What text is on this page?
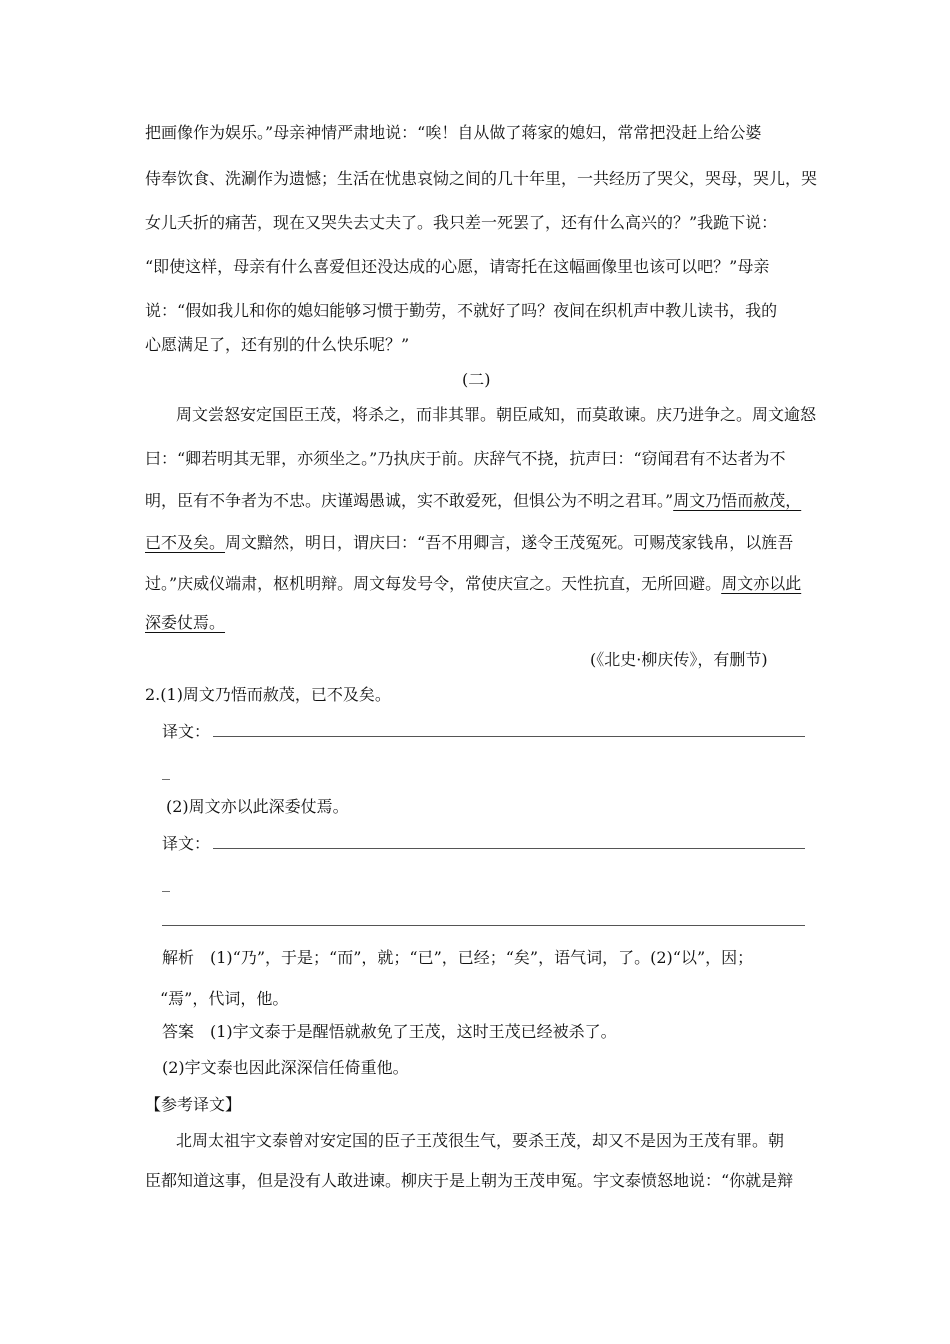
把画像作为娱乐。”母亲神情严肃地说：“唉！自从做了蒋家的媳妇，常常把没赶上给公婆
侍奉饮食、洗涮作为遗憾；生活在忧患哀恸之间的几十年里，一共经历了哭父，哭母，哭儿，哭
女儿夭折的痛苦，现在又哭失去丈夫了。我只差一死罢了，还有什么高兴的？”我跪下说：
“即使这样，母亲有什么喜爱但还没达成的心愿，请寄托在这幅画像里也该可以吧？”母亲
说：“假如我儿和你的媳妇能够习惯于勤劳，不就好了吗？夜间在织机声中教儿读书，我的
心愿满足了，还有别的什么快乐呢？”
(二)
周文尝怒安定国臣王茂，将杀之，而非其罪。朝臣咸知，而莫敢谏。庆乃进争之。周文逾怒
曰：“卿若明其无罪，亦须坐之。”乃执庆于前。庆辞气不挠，抗声曰：“窃闻君有不达者为不
明，臣有不争者为不忠。庆谨竭愚诚，实不敢爱死，但惧公为不明之君耳。”周文乃悟而赦茂，
已不及矣。周文黯然，明日，谓庆曰：“吾不用卿言，遂令王茂冤死。可赐茂家钱帛，以旌吾
过。”庆威仪端肃，枢机明辩。周文每发号令，常使庆宣之。天性抗直，无所回避。周文亦以此
深委仗焉。
(《北史·柳庆传》，有删节)
2.(1)周文乃悟而赦茂，已不及矣。
译文：
_
(2)周文亦以此深委仗焉。
译文：
_
解析　(1)“乃”，于是；“而”，就；“已”，已经；“矣”，语气词，了。(2)“以”，因；
“焉”，代词，他。
答案　(1)宇文泰于是醒悟就赦免了王茂，这时王茂已经被杀了。
(2)宇文泰也因此深深信任倚重他。
【参考译文】
北周太祖宇文泰曾对安定国的臣子王茂很生气，要杀王茂，却又不是因为王茂有罪。朝
臣都知道这事，但是没有人敢进谏。柳庆于是上朝为王茂申冤。宇文泰愤怒地说：“你就是辩
